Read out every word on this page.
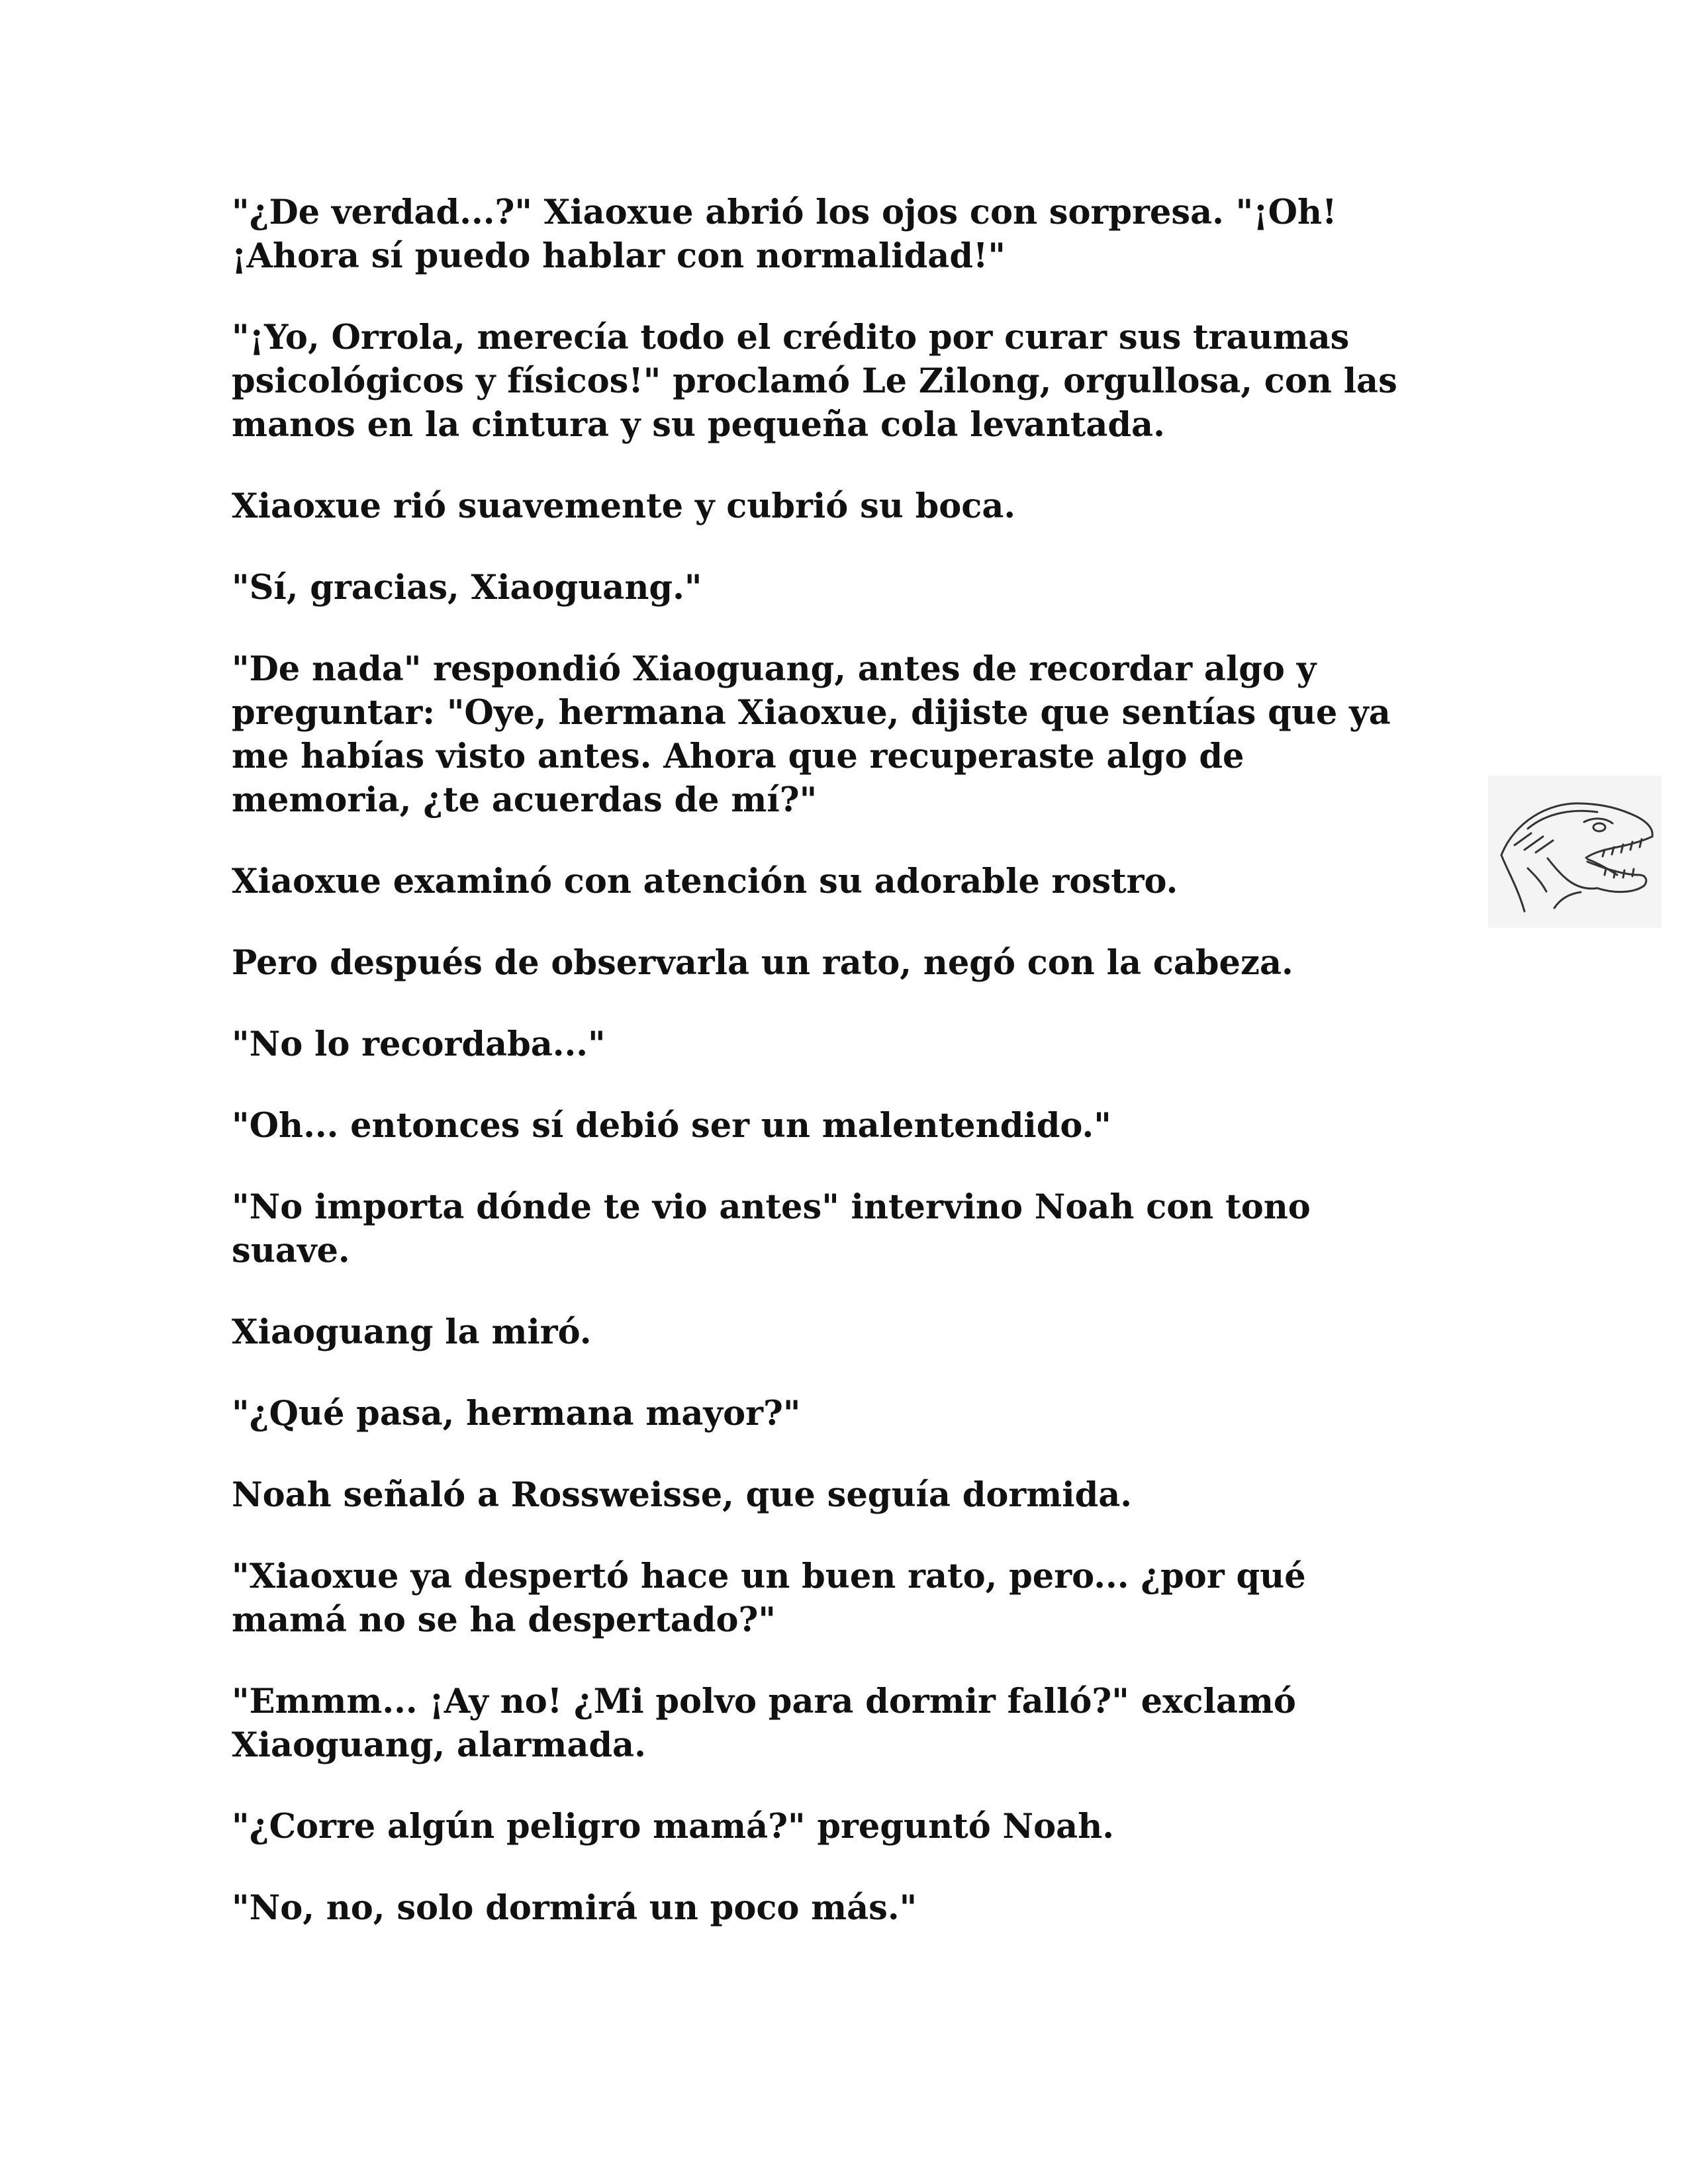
"¿De verdad...?" Xiaoxue abrió los ojos con sorpresa. "¡Oh!
¡Ahora sí puedo hablar con normalidad!"

"¡Yo, Orrola, merecía todo el crédito por curar sus traumas
psicológicos y físicos!" proclamó Le Zilong, orgullosa, con las
manos en la cintura y su pequeña cola levantada.

Xiaoxue rió suavemente y cubrió su boca.

"Sí, gracias, Xiaoguang."

"De nada" respondió Xiaoguang, antes de recordar algo y
preguntar: "Oye, hermana Xiaoxue, dijiste que sentías que ya
me habías visto antes. Ahora que recuperaste algo de
memoria, ¿te acuerdas de mí?"

Xiaoxue examinó con atención su adorable rostro.

Pero después de observarla un rato, negó con la cabeza.

"No lo recordaba..."

"Oh... entonces sí debió ser un malentendido."

"No importa dónde te vio antes" intervino Noah con tono
suave.

Xiaoguang la miró.

"¿Qué pasa, hermana mayor?"

Noah señaló a Rossweisse, que seguía dormida.

"Xiaoxue ya despertó hace un buen rato, pero... ¿por qué
mamá no se ha despertado?"

"Emmm... ¡Ay no! ¿Mi polvo para dormir falló?" exclamó
Xiaoguang, alarmada.

"¿Corre algún peligro mamá?" preguntó Noah.

"No, no, solo dormirá un poco más."
